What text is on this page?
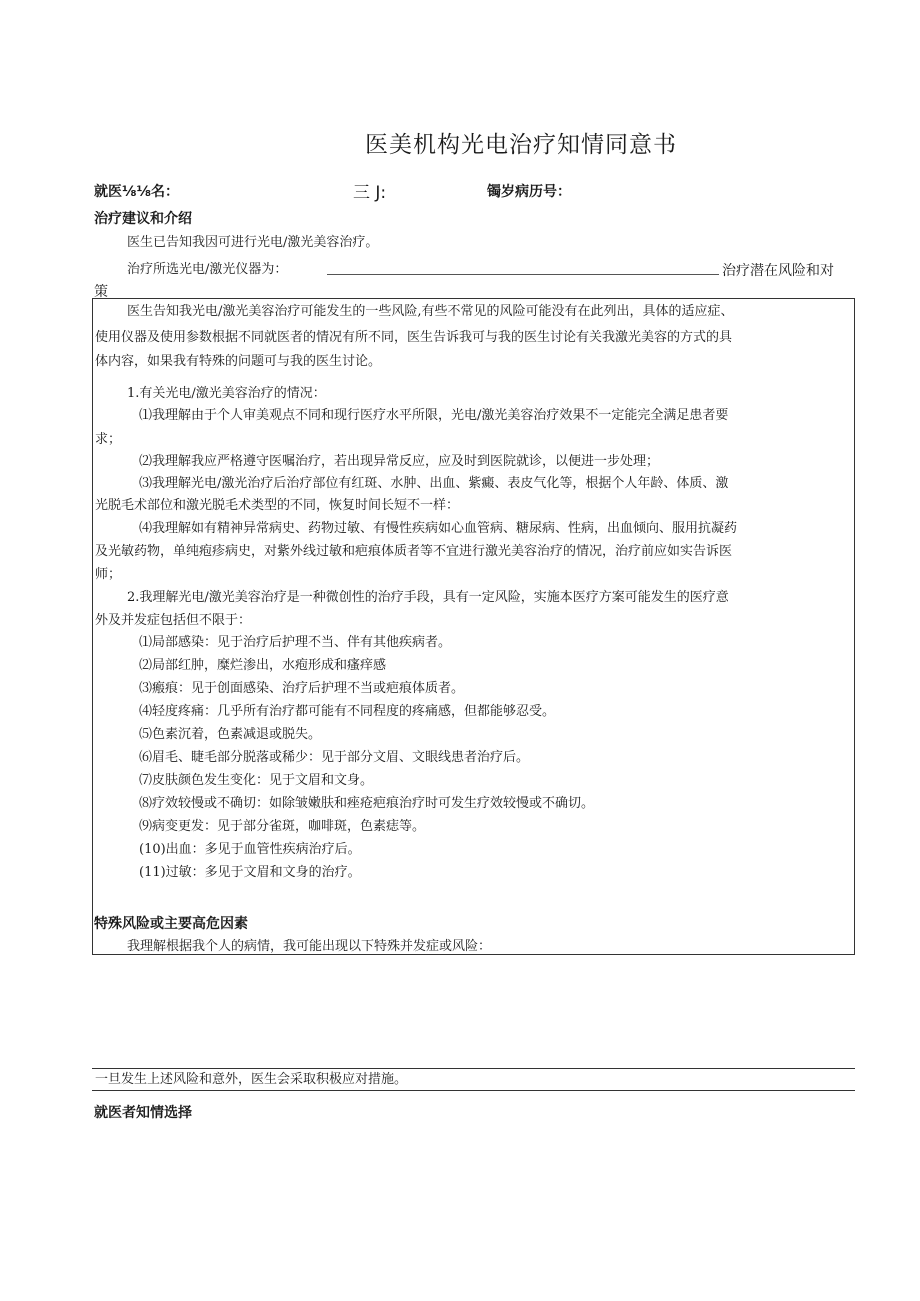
医美机构光电治疗知情同意书
就医⅛⅛名：	三 J:	镯岁病历号：
治疗建议和介绍
医生已告知我因可进行光电/激光美容治疗。
治疗所选光电/激光仪器为：	治疗潜在风险和对
策
医生告知我光电/激光美容治疗可能发生的一些风险,有些不常见的风险可能没有在此列出，具体的适应症、
使用仪器及使用参数根据不同就医者的情况有所不同，医生告诉我可与我的医生讨论有关我激光美容的方式的具
体内容，如果我有特殊的问题可与我的医生讨论。
1.有关光电/激光美容治疗的情况：
⑴我理解由于个人审美观点不同和现行医疗水平所限，光电/激光美容治疗效果不一定能完全满足患者要
求；
⑵我理解我应严格遵守医嘱治疗，若出现异常反应，应及时到医院就诊，以便进一步处理；
⑶我理解光电/激光治疗后治疗部位有红斑、水肿、出血、紫癜、表皮气化等，根据个人年龄、体质、激
光脱毛术部位和激光脱毛术类型的不同，恢复时间长短不一样：
⑷我理解如有精神异常病史、药物过敏、有慢性疾病如心血管病、糖尿病、性病，出血倾向、服用抗凝药
及光敏药物，单纯疱疹病史，对紫外线过敏和疤痕体质者等不宜进行激光美容治疗的情况，治疗前应如实告诉医
师；
2.我理解光电/激光美容治疗是一种微创性的治疗手段，具有一定风险，实施本医疗方案可能发生的医疗意
外及并发症包括但不限于：
⑴局部感染：见于治疗后护理不当、伴有其他疾病者。
⑵局部红肿，糜烂渗出，水疱形成和瘙痒感
⑶瘢痕：见于创面感染、治疗后护理不当或疤痕体质者。
⑷轻度疼痛：几乎所有治疗都可能有不同程度的疼痛感，但都能够忍受。
⑸色素沉着，色素减退或脱失。
⑹眉毛、睫毛部分脱落或稀少：见于部分文眉、文眼线患者治疗后。
⑺皮肤颜色发生变化：见于文眉和文身。
⑻疗效较慢或不确切：如除皱嫩肤和痤疮疤痕治疗时可发生疗效较慢或不确切。
⑼病变更发：见于部分雀斑，咖啡斑，色素痣等。
(10)出血：多见于血管性疾病治疗后。
(11)过敏：多见于文眉和文身的治疗。
特殊风险或主要高危因素
我理解根据我个人的病情，我可能出现以下特殊并发症或风险：
一旦发生上述风险和意外，医生会采取积极应对措施。
就医者知情选择
